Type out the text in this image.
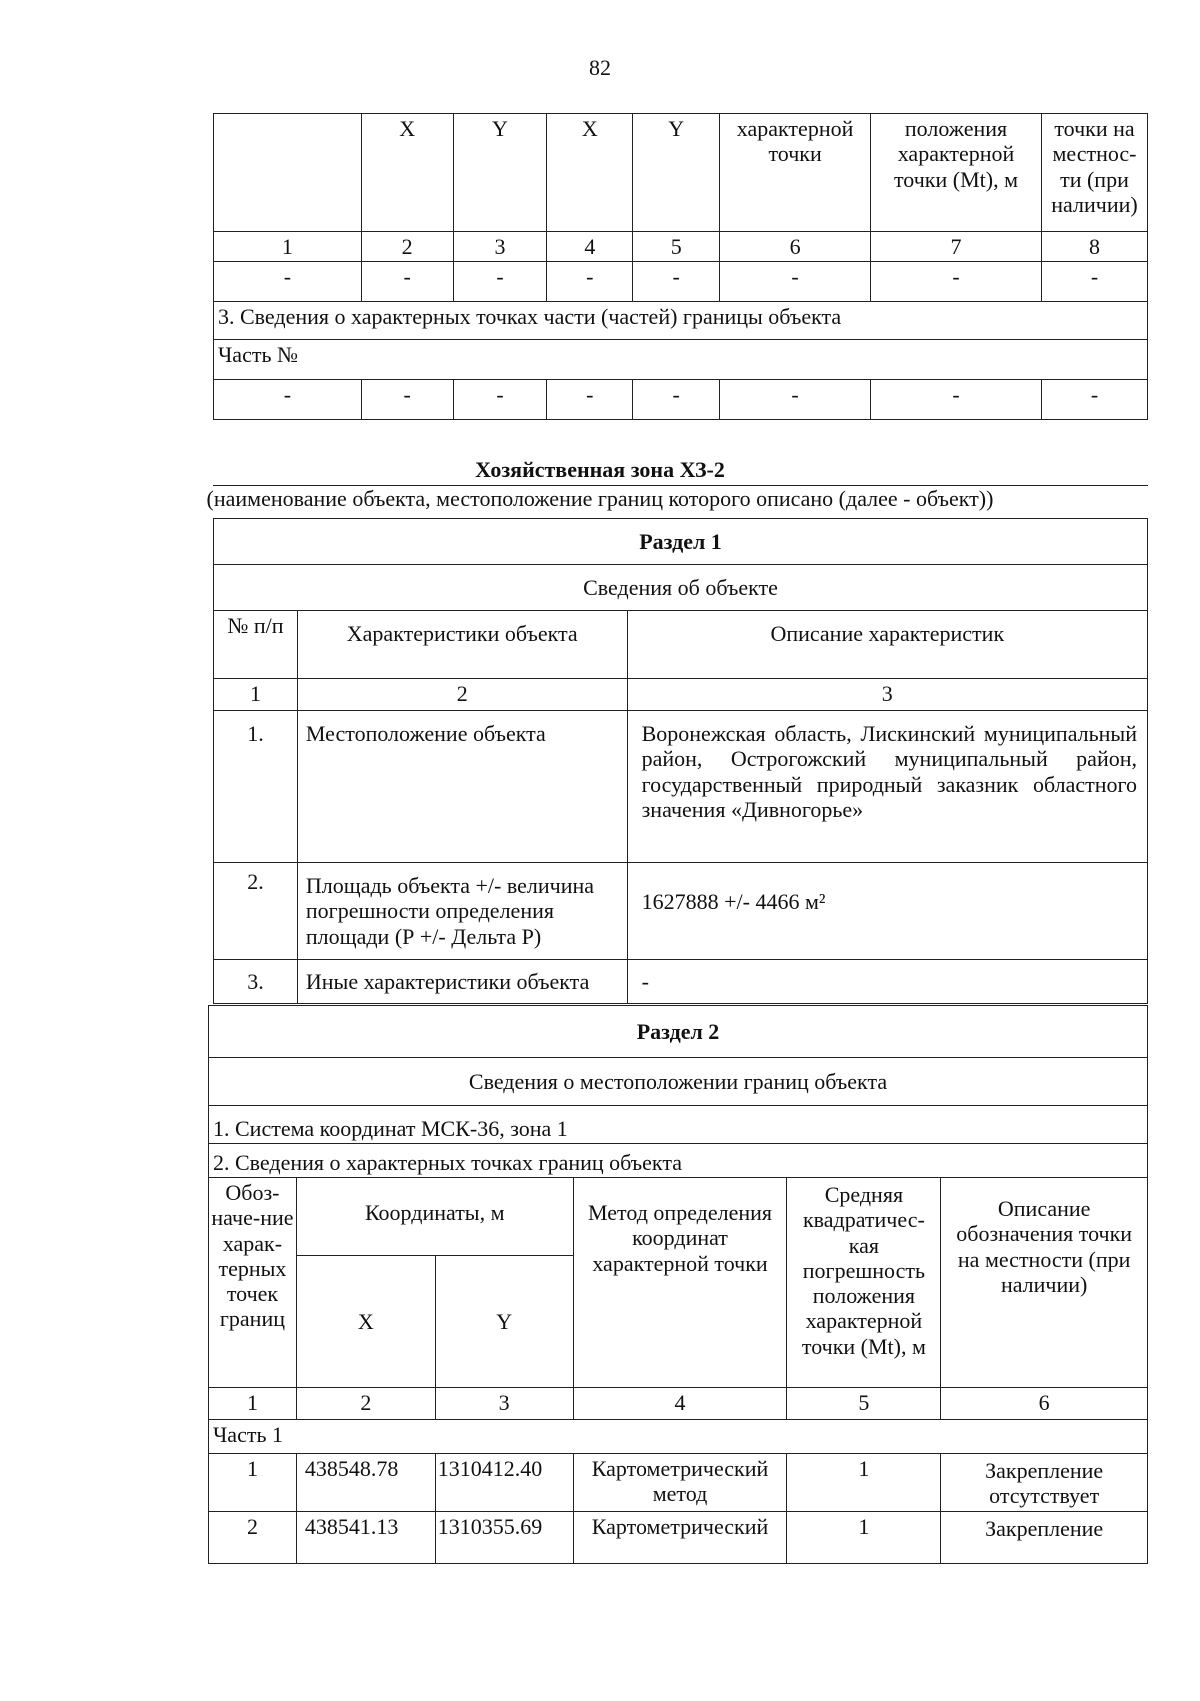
82
	X	Y	X	Y	характерной точки	положения характерной точки (Mt), м	точки на местнос-ти (при наличии)
1	2	3	4	5	6	7	8
-	-	-	-	-	-	-	-
3. Сведения о характерных точках части (частей) границы объекта							
Часть №							
-	-	-	-	-	-	-	-
Хозяйственная зона ХЗ-2
(наименование объекта, местоположение границ которого описано (далее - объект))
Раздел 1		
Сведения об объекте		
№ п/п	Характеристики объекта	Описание характеристик
1	2	3
1.	Местоположение объекта	Воронежская область, Лискинский муниципальный район, Острогожский муниципальный район, государственный природный заказник областного значения «Дивногорье»
2.	Площадь объекта +/- величина погрешности определения площади (Р +/- Дельта Р)	1627888 +/- 4466 м²
3.	Иные характеристики объекта	-
Раздел 2					
Сведения о местоположении границ объекта					
1. Система координат МСК-36, зона 1					
2. Сведения о характерных точках границ объекта					
Обоз-наче-ние харак-терных точек границ	Координаты, м		Метод определения координат характерной точки	Средняя квадратичес-кая погрешность положения характерной точки (Mt), м	Описание обозначения точки на местности (при наличии)
	X	Y			
1	2	3	4	5	6
Часть 1					
1	438548.78	1310412.40	Картометрический метод	1	Закрепление отсутствует
2	438541.13	1310355.69	Картометрический	1	Закрепление
